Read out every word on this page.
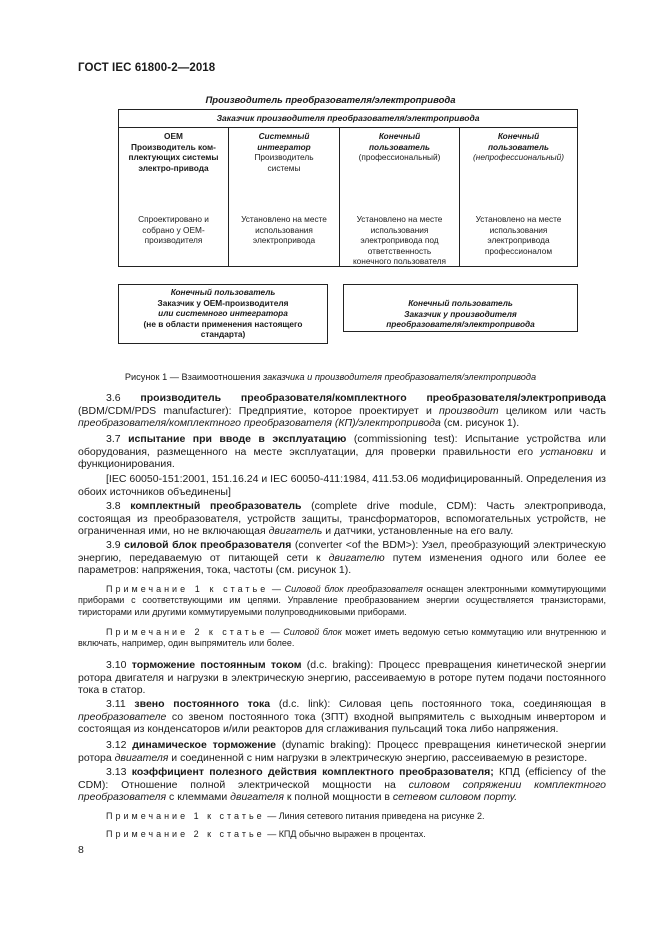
ГОСТ IEC 61800-2—2018
Производитель преобразователя/электропривода
Заказчик производителя преобразователя/электропривода
OEM
Производитель ком-плектующих системы электро-привода
Спроектировано и собрано у OEM-производителя
Системный интегратор
Производитель системы
Установлено на месте использования электропривода
Конечный пользователь
(профессиональный)
Установлено на месте использования электропривода под ответственность конечного пользователя
Конечный пользователь
(непрофессиональный)
Установлено на месте использования электропривода профессионалом
Конечный пользователь
Заказчик у OEM-производителя
или системного интегратора
(не в области применения настоящего стандарта)
Конечный пользователь
Заказчик у производителя
преобразователя/электропривода
Рисунок 1 — Взаимоотношения заказчика и производителя преобразователя/электропривода
3.6 производитель преобразователя/комплектного преобразователя/электропривода (BDM/CDM/PDS manufacturer): Предприятие, которое проектирует и производит целиком или часть преобразователя/комплектного преобразователя (КП)/электропривода (см. рисунок 1).
3.7 испытание при вводе в эксплуатацию (commissioning test): Испытание устройства или оборудования, размещенного на месте эксплуатации, для проверки правильности его установки и функционирования.
[IEC 60050-151:2001, 151.16.24 и IEC 60050-411:1984, 411.53.06 модифицированный. Определения из обоих источников объединены]
3.8 комплектный преобразователь (complete drive module, CDM): Часть электропривода, состоящая из преобразователя, устройств защиты, трансформаторов, вспомогательных устройств, не ограниченная ими, но не включающая двигатель и датчики, установленные на его валу.
3.9 силовой блок преобразователя (converter <of the BDM>): Узел, преобразующий электрическую энергию, передаваемую от питающей сети к двигателю путем изменения одного или более ее параметров: напряжения, тока, частоты (см. рисунок 1).
Примечание 1 к статье — Силовой блок преобразователя оснащен электронными коммутирующими приборами с соответствующими им цепями. Управление преобразованием энергии осуществляется транзисторами, тиристорами или другими коммутируемыми полупроводниковыми приборами.
Примечание 2 к статье — Силовой блок может иметь ведомую сетью коммутацию или внутреннюю и включать, например, один выпрямитель или более.
3.10 торможение постоянным током (d.c. braking): Процесс превращения кинетической энергии ротора двигателя и нагрузки в электрическую энергию, рассеиваемую в роторе путем подачи постоянного тока в статор.
3.11 звено постоянного тока (d.c. link): Силовая цепь постоянного тока, соединяющая в преобразователе со звеном постоянного тока (ЗПТ) входной выпрямитель с выходным инвертором и состоящая из конденсаторов и/или реакторов для сглаживания пульсаций тока либо напряжения.
3.12 динамическое торможение (dynamic braking): Процесс превращения кинетической энергии ротора двигателя и соединенной с ним нагрузки в электрическую энергию, рассеиваемую в резисторе.
3.13 коэффициент полезного действия комплектного преобразователя; КПД (efficiency of the CDM): Отношение полной электрической мощности на силовом сопряжении комплектного преобразователя с клеммами двигателя к полной мощности в сетевом силовом порту.
Примечание 1 к статье — Линия сетевого питания приведена на рисунке 2.
Примечание 2 к статье — КПД обычно выражен в процентах.
8
